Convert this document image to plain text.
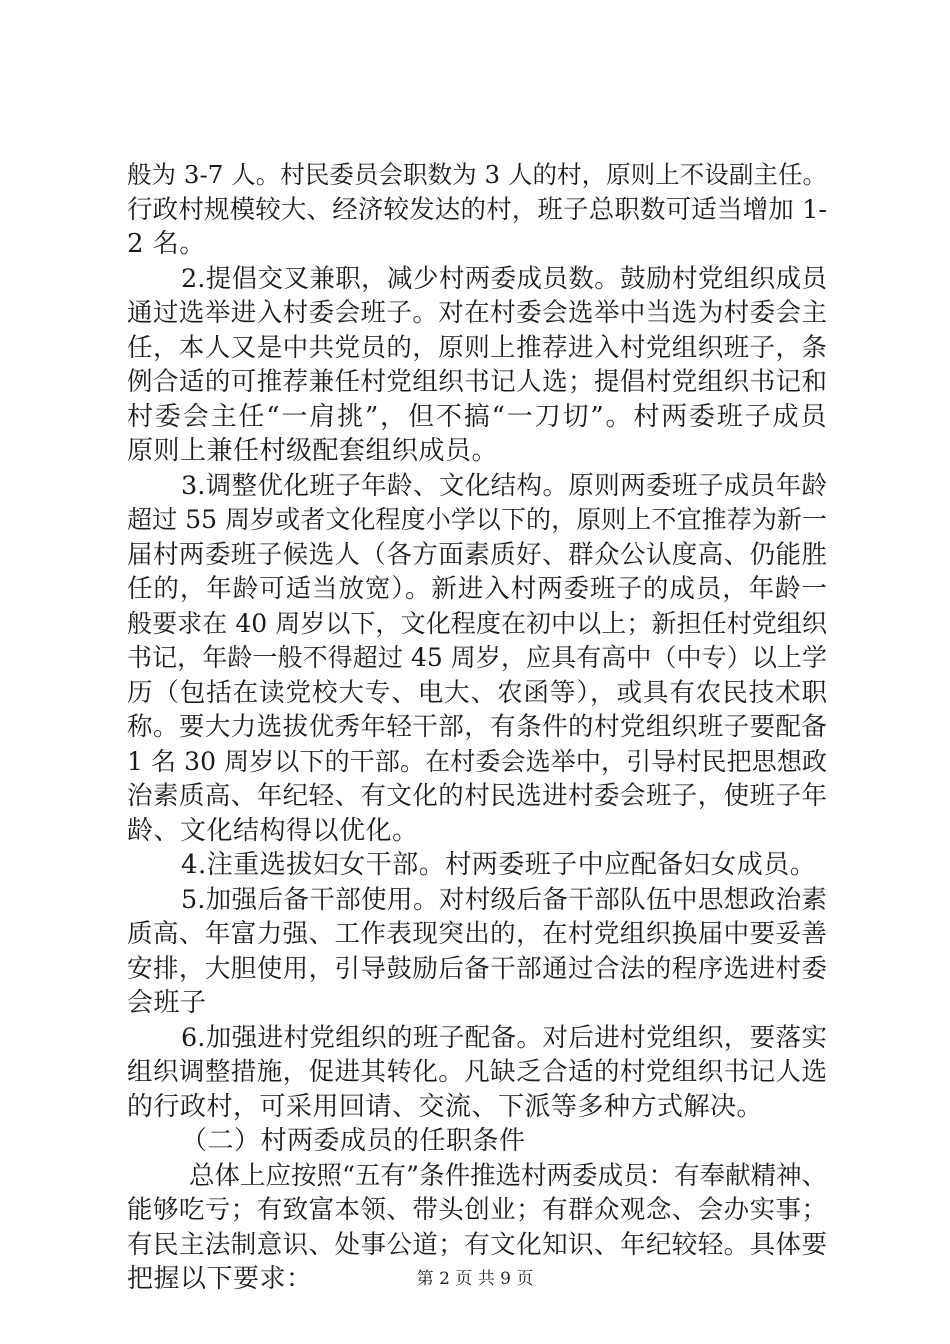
般为 3-7 人。村民委员会职数为 3 人的村，原则上不设副主任。
行政村规模较大、经济较发达的村，班子总职数可适当增加 1-
2 名。
2.提倡交叉兼职，减少村两委成员数。鼓励村党组织成员
通过选举进入村委会班子。对在村委会选举中当选为村委会主
任，本人又是中共党员的，原则上推荐进入村党组织班子，条
例合适的可推荐兼任村党组织书记人选；提倡村党组织书记和
村委会主任“一肩挑”，但不搞“一刀切”。村两委班子成员
原则上兼任村级配套组织成员。
3.调整优化班子年龄、文化结构。原则两委班子成员年龄
超过 55 周岁或者文化程度小学以下的，原则上不宜推荐为新一
届村两委班子候选人（各方面素质好、群众公认度高、仍能胜
任的，年龄可适当放宽）。新进入村两委班子的成员，年龄一
般要求在 40 周岁以下，文化程度在初中以上；新担任村党组织
书记，年龄一般不得超过 45 周岁，应具有高中（中专）以上学
历（包括在读党校大专、电大、农函等），或具有农民技术职
称。要大力选拔优秀年轻干部，有条件的村党组织班子要配备
1 名 30 周岁以下的干部。在村委会选举中，引导村民把思想政
治素质高、年纪轻、有文化的村民选进村委会班子，使班子年
龄、文化结构得以优化。
4.注重选拔妇女干部。村两委班子中应配备妇女成员。
5.加强后备干部使用。对村级后备干部队伍中思想政治素
质高、年富力强、工作表现突出的，在村党组织换届中要妥善
安排，大胆使用，引导鼓励后备干部通过合法的程序选进村委
会班子
6.加强进村党组织的班子配备。对后进村党组织，要落实
组织调整措施，促进其转化。凡缺乏合适的村党组织书记人选
的行政村，可采用回请、交流、下派等多种方式解决。
（二）村两委成员的任职条件
总体上应按照“五有”条件推选村两委成员：有奉献精神、
能够吃亏；有致富本领、带头创业；有群众观念、会办实事；
有民主法制意识、处事公道；有文化知识、年纪较轻。具体要
把握以下要求：	第 2 页 共 9 页
